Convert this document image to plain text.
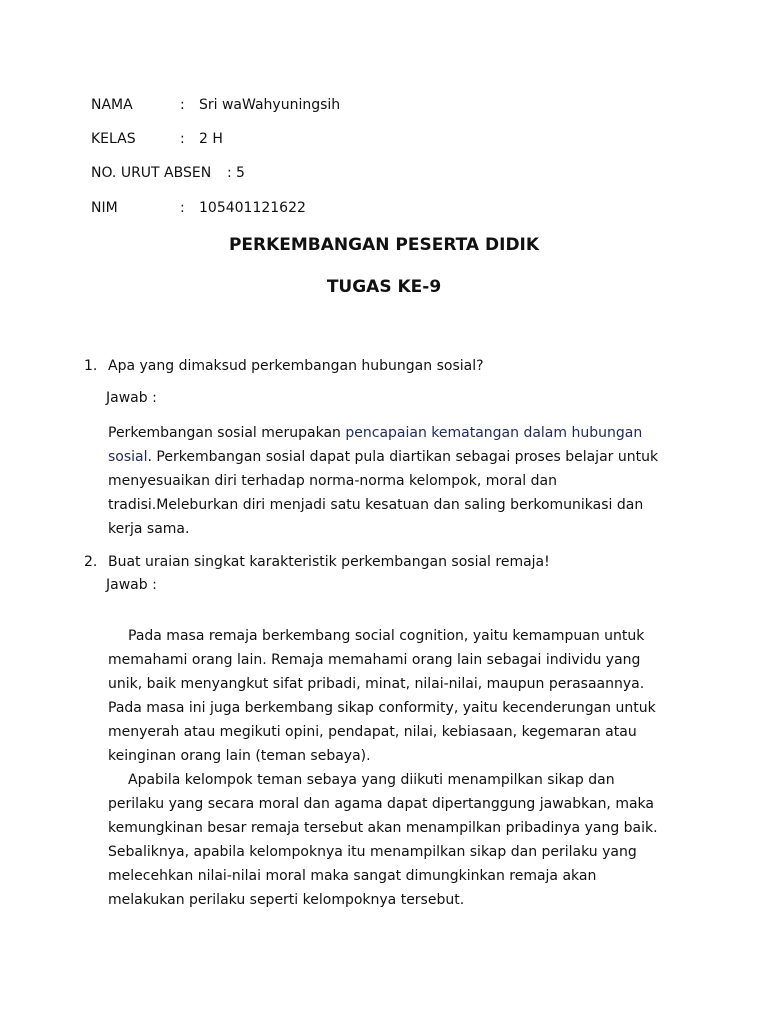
NAMA	: Sri waWahyuningsih
KELAS	: 2 H
NO. URUT ABSEN : 5
NIM	: 105401121622
PERKEMBANGAN PESERTA DIDIK
TUGAS KE-9
1. Apa yang dimaksud perkembangan hubungan sosial?
Jawab :

Perkembangan sosial merupakan pencapaian kematangan dalam hubungan sosial. Perkembangan sosial dapat pula diartikan sebagai proses belajar untuk menyesuaikan diri terhadap norma-norma kelompok, moral dan tradisi.Meleburkan diri menjadi satu kesatuan dan saling berkomunikasi dan kerja sama.

2. Buat uraian singkat karakteristik perkembangan sosial remaja!
Jawab :

Pada masa remaja berkembang social cognition, yaitu kemampuan untuk memahami orang lain. Remaja memahami orang lain sebagai individu yang unik, baik menyangkut sifat pribadi, minat, nilai-nilai, maupun perasaannya. Pada masa ini juga berkembang sikap conformity, yaitu kecenderungan untuk menyerah atau megikuti opini, pendapat, nilai, kebiasaan, kegemaran atau keinginan orang lain (teman sebaya).

Apabila kelompok teman sebaya yang diikuti menampilkan sikap dan perilaku yang secara moral dan agama dapat dipertanggung jawabkan, maka kemungkinan besar remaja tersebut akan menampilkan pribadinya yang baik. Sebaliknya, apabila kelompoknya itu menampilkan sikap dan perilaku yang melecehkan nilai-nilai moral maka sangat dimungkinkan remaja akan melakukan perilaku seperti kelompoknya tersebut.
